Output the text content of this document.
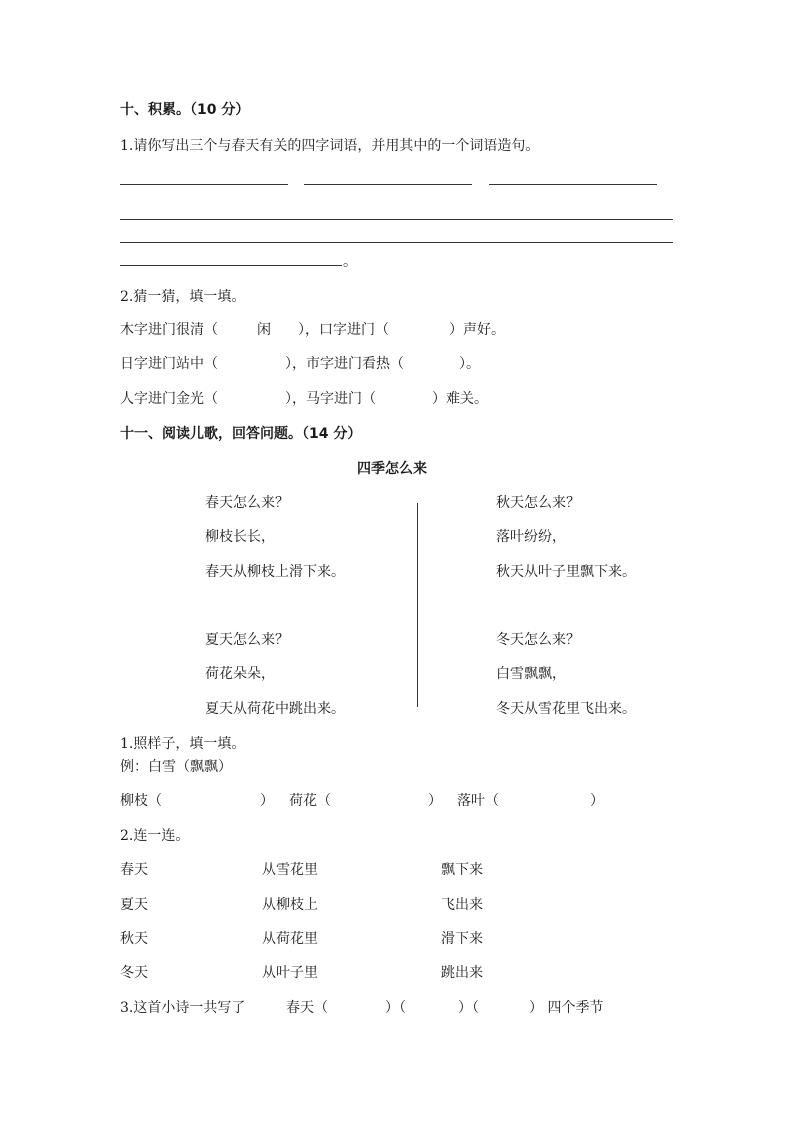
十、积累。（10 分）
1.请你写出三个与春天有关的四字词语，并用其中的一个词语造句。
。
2.猜一猜，填一填。
木字进门很清（	闲 ），口字进门（	）声好。
日字进门站中（	），市字进门看热（	）。
人字进门金光（	），马字进门（	）难关。
十一、阅读儿歌，回答问题。（14 分）
四季怎么来
春天怎么来？
柳枝长长，
春天从柳枝上滑下来。
秋天怎么来？
落叶纷纷，
秋天从叶子里飘下来。
夏天怎么来？
荷花朵朵，
夏天从荷花中跳出来。
冬天怎么来？
白雪飘飘，
冬天从雪花里飞出来。
1.照样子，填一填。
例：白雪（飘飘）
柳枝（	） 荷花（	） 落叶（	）
2.连一连。
春天	从雪花里	飘下来
夏天	从柳枝上	飞出来
秋天	从荷花里	滑下来
冬天	从叶子里	跳出来
3.这首小诗一共写了	春天（	）（	）（	） 四个季节
